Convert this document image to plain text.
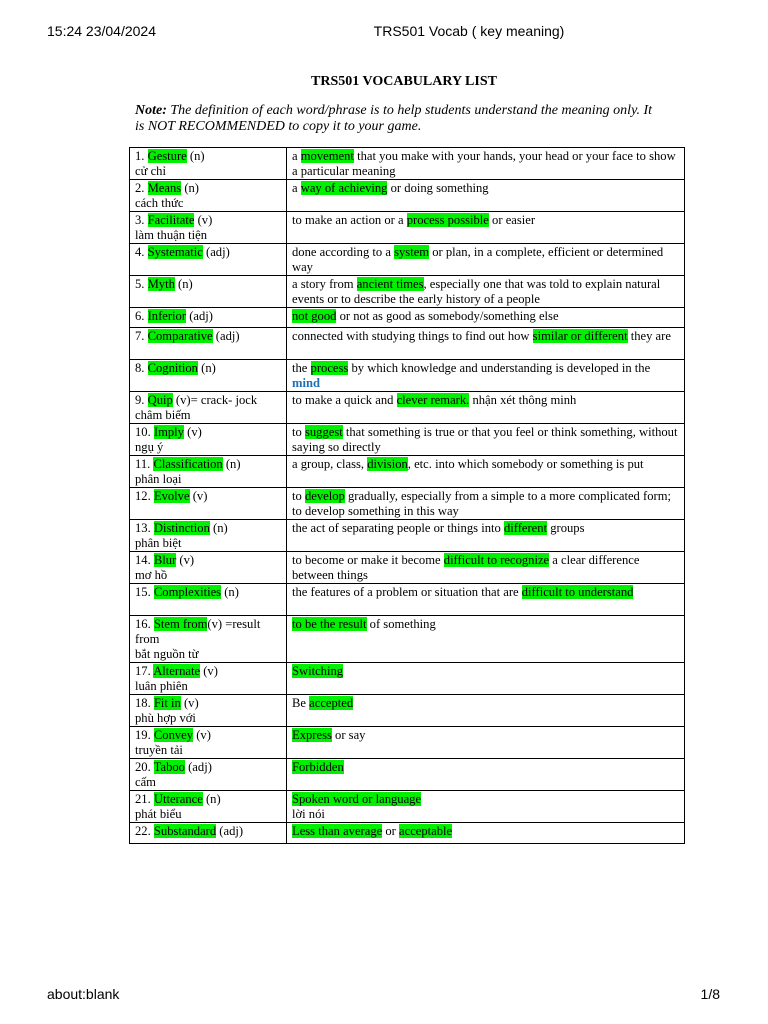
15:24 23/04/2024	TRS501 Vocab ( key meaning)
TRS501 VOCABULARY LIST
Note: The definition of each word/phrase is to help students understand the meaning only. It is NOT RECOMMENDED to copy it to your game.
1. Gesture (n)
cử chỉ	a movement that you make with your hands, your head or your face to show a particular meaning
2. Means (n)
cách thức	a way of achieving or doing something
3. Facilitate (v)
làm thuận tiện	to make an action or a process possible or easier
4. Systematic (adj)	done according to a system or plan, in a complete, efficient or determined way
5. Myth (n)	a story from ancient times, especially one that was told to explain natural events or to describe the early history of a people
6. Inferior (adj)	not good or not as good as somebody/something else
7. Comparative (adj)	connected with studying things to find out how similar or different they are
8. Cognition (n)	the process by which knowledge and understanding is developed in the mind
9. Quip (v)= crack- jock
châm biếm	to make a quick and clever remark. nhận xét thông minh
10. Imply (v)
ngụ ý	to suggest that something is true or that you feel or think something, without saying so directly
11. Classification (n)
phân loại	a group, class, division, etc. into which somebody or something is put
12. Evolve (v)	to develop gradually, especially from a simple to a more complicated form; to develop something in this way
13. Distinction (n)
phân biệt	the act of separating people or things into different groups
14. Blur (v)
mơ hồ	to become or make it become difficult to recognize a clear difference between things
15. Complexities (n)	the features of a problem or situation that are difficult to understand
16. Stem from(v) =result from
bắt nguồn từ	to be the result of something
17. Alternate (v)
luân phiên	Switching
18. Fit in (v)
phù hợp với	Be accepted
19. Convey (v)
truyền tải	Express or say
20. Taboo (adj)
cấm	Forbidden
21. Utterance (n)
phát biểu	Spoken word or language
lời nói
22. Substandard (adj)	Less than average or acceptable
about:blank	1/8
